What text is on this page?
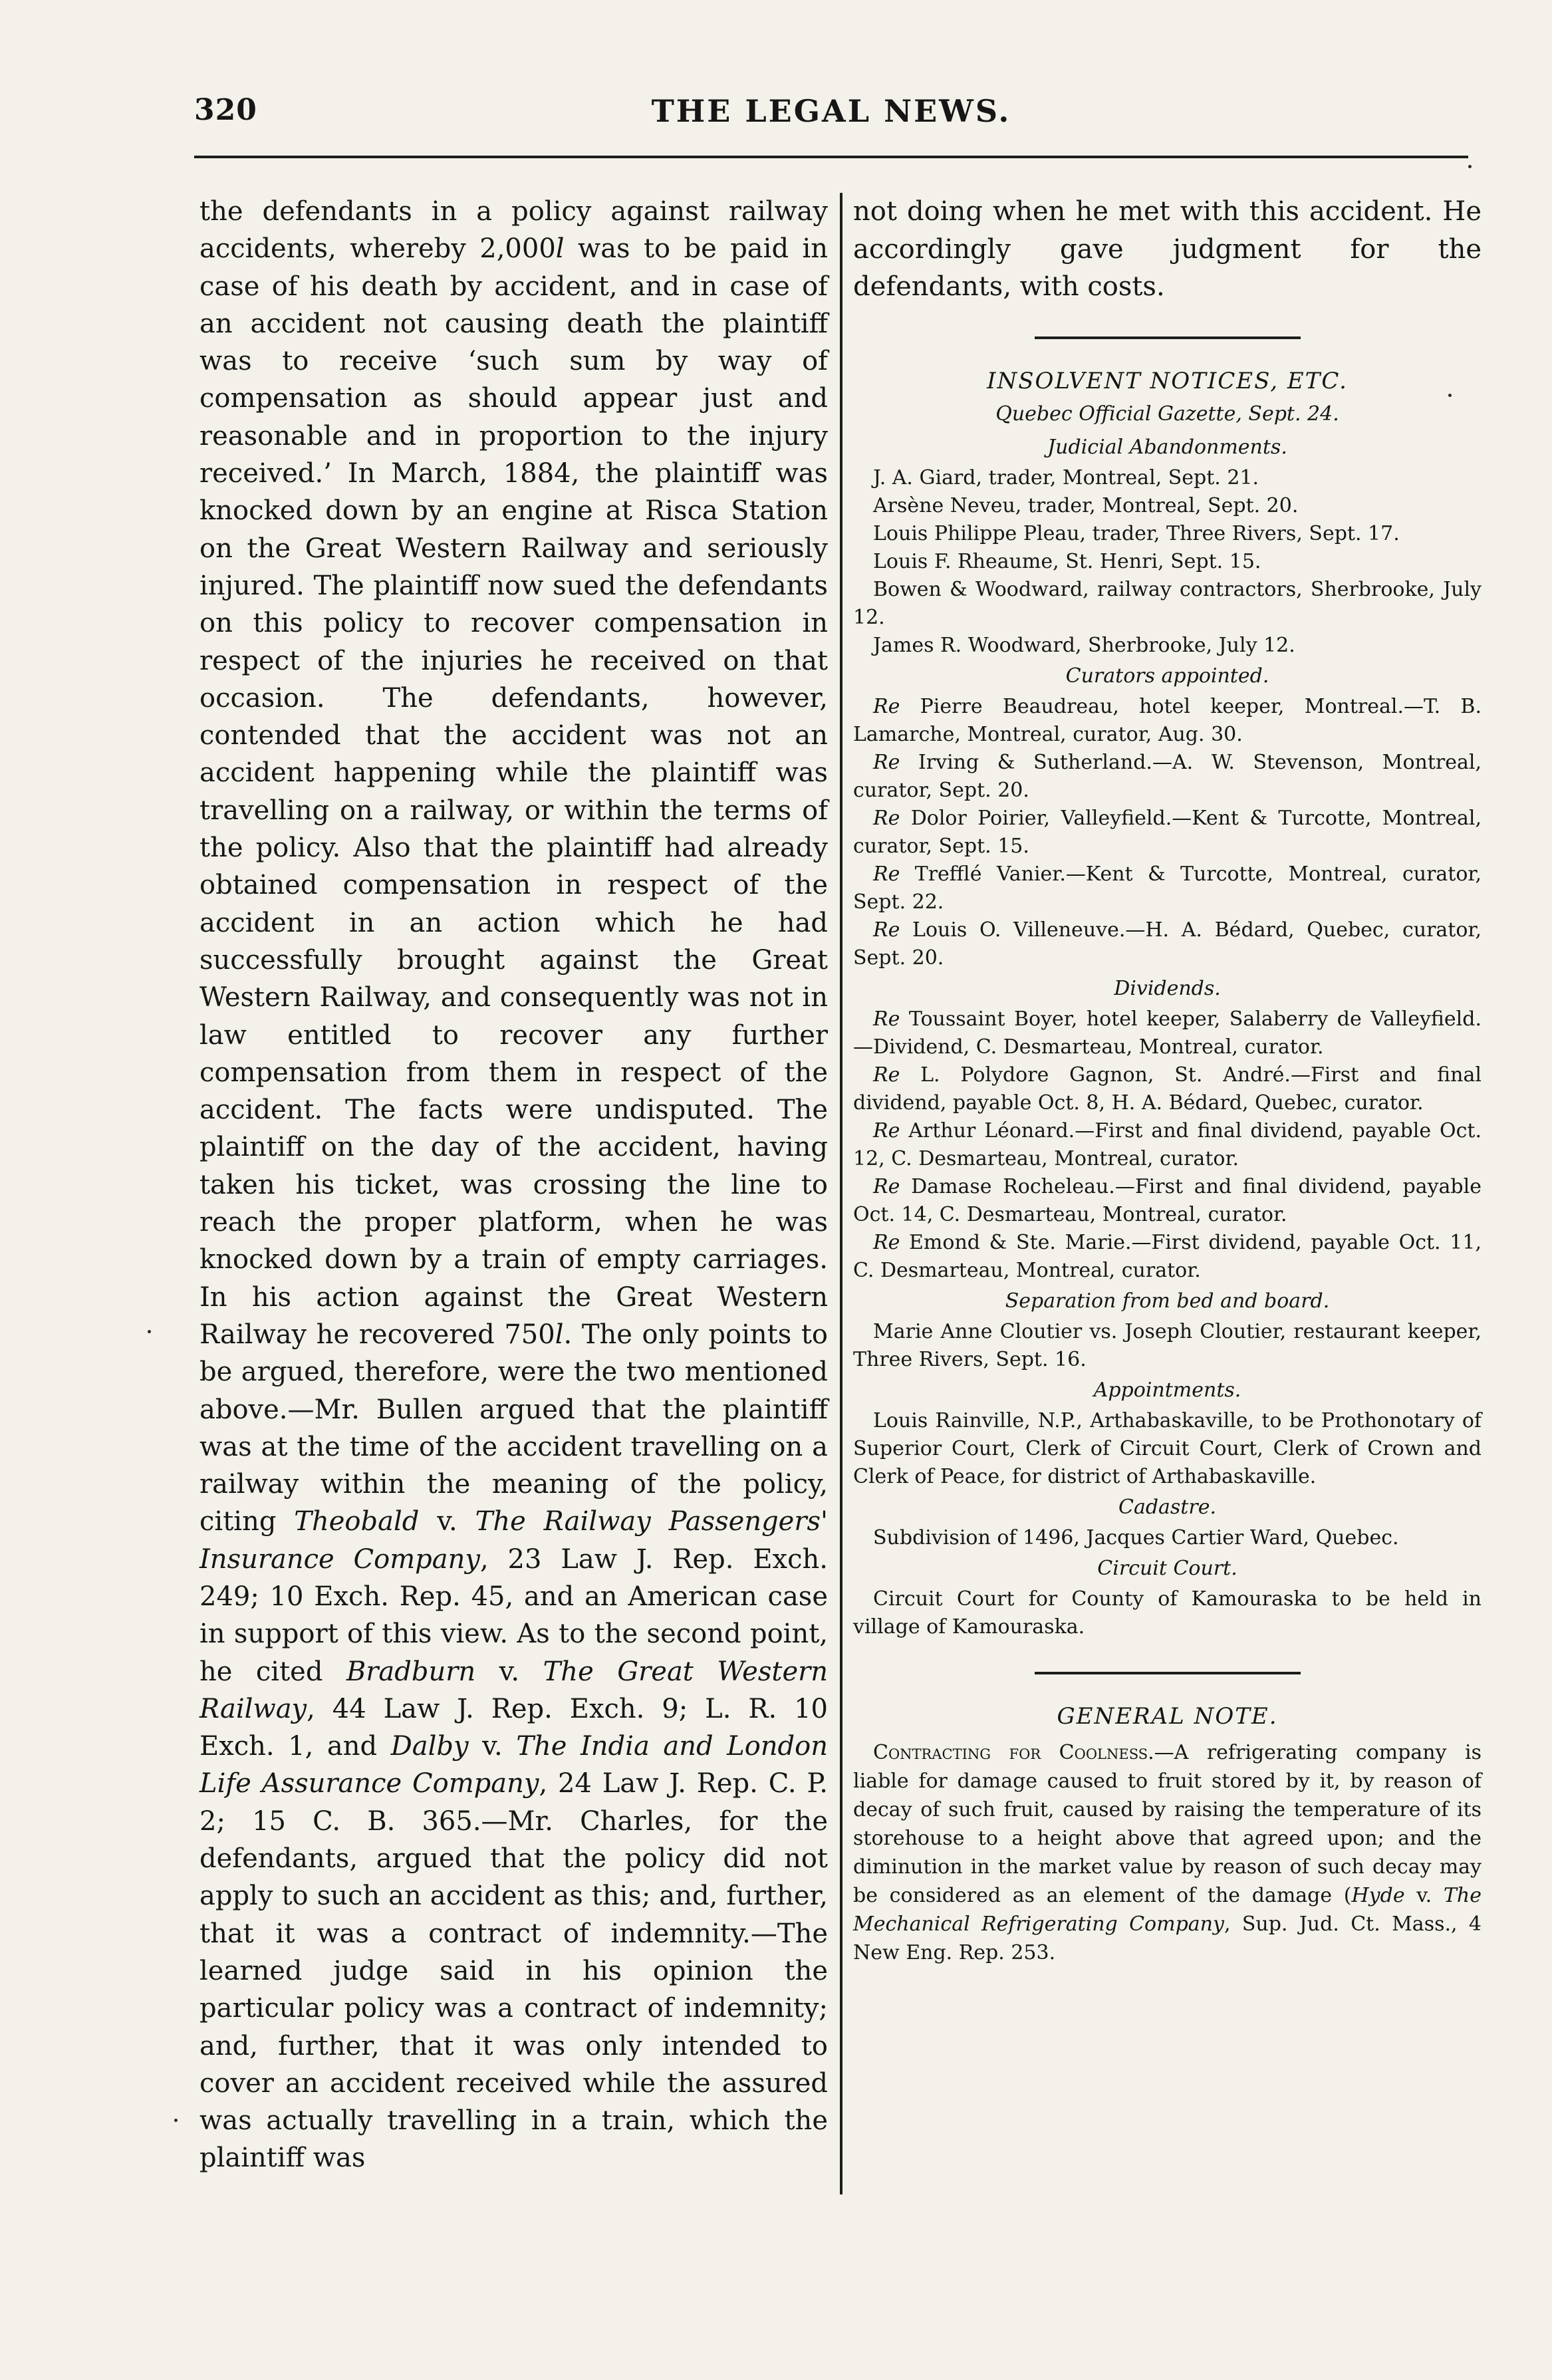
320	THE LEGAL NEWS.

the defendants in a policy against railway accidents, whereby 2,000l was to be paid in case of his death by accident, and in case of an accident not causing death the plaintiff was to receive ‘such sum by way of compensation as should appear just and reasonable and in proportion to the injury received.’ In March, 1884, the plaintiff was knocked down by an engine at Risca Station on the Great Western Railway and seriously injured. The plaintiff now sued the defendants on this policy to recover compensation in respect of the injuries he received on that occasion. The defendants, however, contended that the accident was not an accident happening while the plaintiff was travelling on a railway, or within the terms of the policy. Also that the plaintiff had already obtained compensation in respect of the accident in an action which he had successfully brought against the Great Western Railway, and consequently was not in law entitled to recover any further compensation from them in respect of the accident. The facts were undisputed. The plaintiff on the day of the accident, having taken his ticket, was crossing the line to reach the proper platform, when he was knocked down by a train of empty carriages. In his action against the Great Western Railway he recovered 750l. The only points to be argued, therefore, were the two mentioned above.—Mr. Bullen argued that the plaintiff was at the time of the accident travelling on a railway within the meaning of the policy, citing Theobald v. The Railway Passengers' Insurance Company, 23 Law J. Rep. Exch. 249; 10 Exch. Rep. 45, and an American case in support of this view. As to the second point, he cited Bradburn v. The Great Western Railway, 44 Law J. Rep. Exch. 9; L. R. 10 Exch. 1, and Dalby v. The India and London Life Assurance Company, 24 Law J. Rep. C. P. 2; 15 C. B. 365.—Mr. Charles, for the defendants, argued that the policy did not apply to such an accident as this; and, further, that it was a contract of indemnity.—The learned judge said in his opinion the particular policy was a contract of indemnity; and, further, that it was only intended to cover an accident received while the assured was actually travelling in a train, which the plaintiff was

not doing when he met with this accident. He accordingly gave judgment for the defendants, with costs.

INSOLVENT NOTICES, ETC.

Quebec Official Gazette, Sept. 24.

Judicial Abandonments.

J. A. Giard, trader, Montreal, Sept. 21.

Arsène Neveu, trader, Montreal, Sept. 20.

Louis Philippe Pleau, trader, Three Rivers, Sept. 17.

Louis F. Rheaume, St. Henri, Sept. 15.

Bowen & Woodward, railway contractors, Sherbrooke, July 12.

James R. Woodward, Sherbrooke, July 12.

Curators appointed.

Re Pierre Beaudreau, hotel keeper, Montreal.—T. B. Lamarche, Montreal, curator, Aug. 30.

Re Irving & Sutherland.—A. W. Stevenson, Montreal, curator, Sept. 20.

Re Dolor Poirier, Valleyfield.—Kent & Turcotte, Montreal, curator, Sept. 15.

Re Trefflé Vanier.—Kent & Turcotte, Montreal, curator, Sept. 22.

Re Louis O. Villeneuve.—H. A. Bédard, Quebec, curator, Sept. 20.

Dividends.

Re Toussaint Boyer, hotel keeper, Salaberry de Valleyfield.—Dividend, C. Desmarteau, Montreal, curator.

Re L. Polydore Gagnon, St. André.—First and final dividend, payable Oct. 8, H. A. Bédard, Quebec, curator.

Re Arthur Léonard.—First and final dividend, payable Oct. 12, C. Desmarteau, Montreal, curator.

Re Damase Rocheleau.—First and final dividend, payable Oct. 14, C. Desmarteau, Montreal, curator.

Re Emond & Ste. Marie.—First dividend, payable Oct. 11, C. Desmarteau, Montreal, curator.

Separation from bed and board.

Marie Anne Cloutier vs. Joseph Cloutier, restaurant keeper, Three Rivers, Sept. 16.

Appointments.

Louis Rainville, N.P., Arthabaskaville, to be Prothonotary of Superior Court, Clerk of Circuit Court, Clerk of Crown and Clerk of Peace, for district of Arthabaskaville.

Cadastre.

Subdivision of 1496, Jacques Cartier Ward, Quebec.

Circuit Court.

Circuit Court for County of Kamouraska to be held in village of Kamouraska.

GENERAL NOTE.

Contracting for Coolness.—A refrigerating company is liable for damage caused to fruit stored by it, by reason of decay of such fruit, caused by raising the temperature of its storehouse to a height above that agreed upon; and the diminution in the market value by reason of such decay may be considered as an element of the damage (Hyde v. The Mechanical Refrigerating Company, Sup. Jud. Ct. Mass., 4 New Eng. Rep. 253.
